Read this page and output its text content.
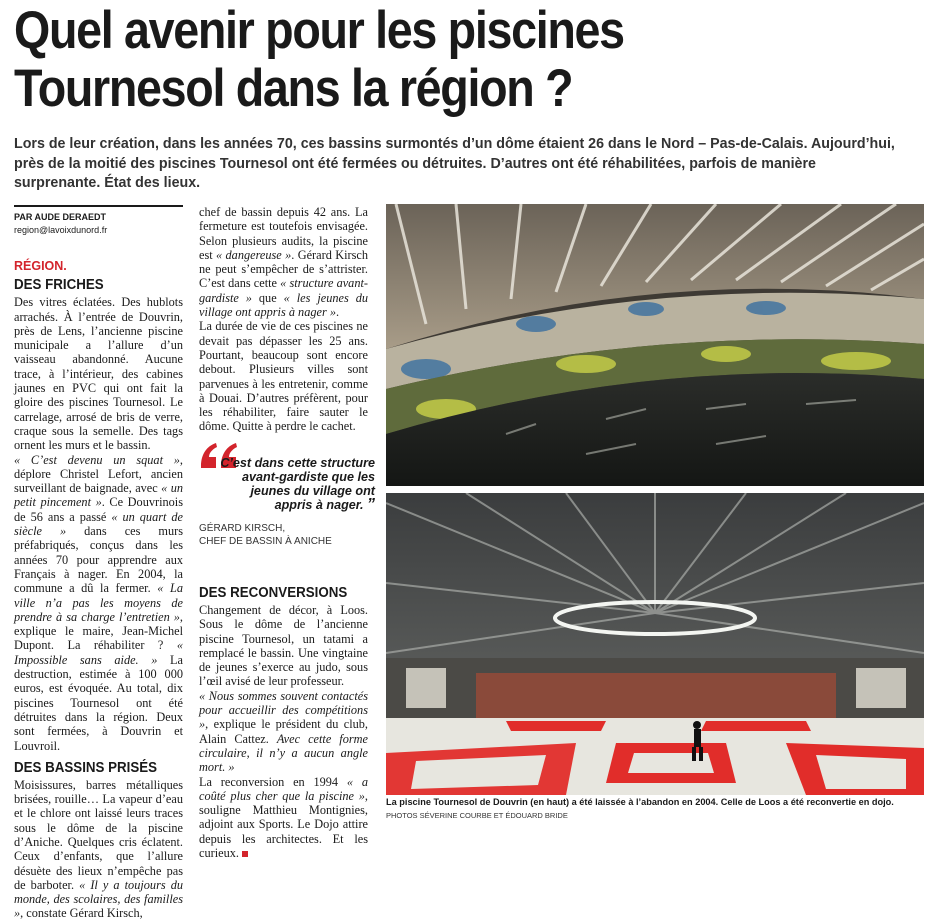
Quel avenir pour les piscines
Tournesol dans la région ?
Lors de leur création, dans les années 70, ces bassins surmontés d’un dôme étaient 26 dans le Nord – Pas-de-Calais. Aujourd’hui, près de la moitié des piscines Tournesol ont été fermées ou détruites. D’autres ont été réhabilitées, parfois de manière surprenante. État des lieux.
PAR AUDE DERAEDT
region@lavoixdunord.fr
RÉGION.
DES FRICHES

Des vitres éclatées. Des hublots arrachés. À l’entrée de Douvrin, près de Lens, l’ancienne piscine municipale a l’allure d’un vaisseau abandonné. Aucune trace, à l’intérieur, des cabines jaunes en PVC qui ont fait la gloire des piscines Tournesol. Le carrelage, arrosé de bris de verre, craque sous la semelle. Des tags ornent les murs et le bassin.

« C’est devenu un squat », déplore Christel Lefort, ancien surveillant de baignade, avec « un petit pincement ». Ce Douvrinois de 56 ans a passé « un quart de siècle » dans ces murs préfabriqués, conçus dans les années 70 pour apprendre aux Français à nager. En 2004, la commune a dû la fermer. « La ville n’a pas les moyens de prendre à sa charge l’entretien », explique le maire, Jean-Michel Dupont. La réhabiliter ? « Impossible sans aide. » La destruction, estimée à 100 000 euros, est évoquée. Au total, dix piscines Tournesol ont été détruites dans la région. Deux sont fermées, à Douvrin et Louvroil.

DES BASSINS PRISÉS

Moisissures, barres métalliques brisées, rouille… La vapeur d’eau et le chlore ont laissé leurs traces sous le dôme de la piscine d’Aniche. Quelques cris éclatent. Ceux d’enfants, que l’allure désuète des lieux n’empêche pas de barboter. « Il y a toujours du monde, des scolaires, des familles », constate Gérard Kirsch,

chef de bassin depuis 42 ans. La fermeture est toutefois envisagée. Selon plusieurs audits, la piscine est « dangereuse ». Gérard Kirsch ne peut s’empêcher de s’attrister. C’est dans cette « structure avant-gardiste » que « les jeunes du village ont appris à nager ».

La durée de vie de ces piscines ne devait pas dépasser les 25 ans. Pourtant, beaucoup sont encore debout. Plusieurs villes sont parvenues à les entretenir, comme à Douai. D’autres préfèrent, pour les réhabiliter, faire sauter le dôme. Quitte à perdre le cachet.

C’est dans cette structure avant-gardiste que les jeunes du village ont appris à nager. ”
GÉRARD KIRSCH,
CHEF DE BASSIN À ANICHE
DES RECONVERSIONS

Changement de décor, à Loos. Sous le dôme de l’ancienne piscine Tournesol, un tatami a remplacé le bassin. Une vingtaine de jeunes s’exerce au judo, sous l’œil avisé de leur professeur.

« Nous sommes souvent contactés pour accueillir des compétitions », explique le président du club, Alain Cattez. Avec cette forme circulaire, il n’y a aucun angle mort. »

La reconversion en 1994 « a coûté plus cher que la piscine », souligne Matthieu Montignies, adjoint aux Sports. Le Dojo attire depuis les architectes. Et les curieux.

La piscine Tournesol de Douvrin (en haut) a été laissée à l’abandon en 2004. Celle de Loos a été reconvertie en dojo.
PHOTOS SÉVERINE COURBE ET ÉDOUARD BRIDE
